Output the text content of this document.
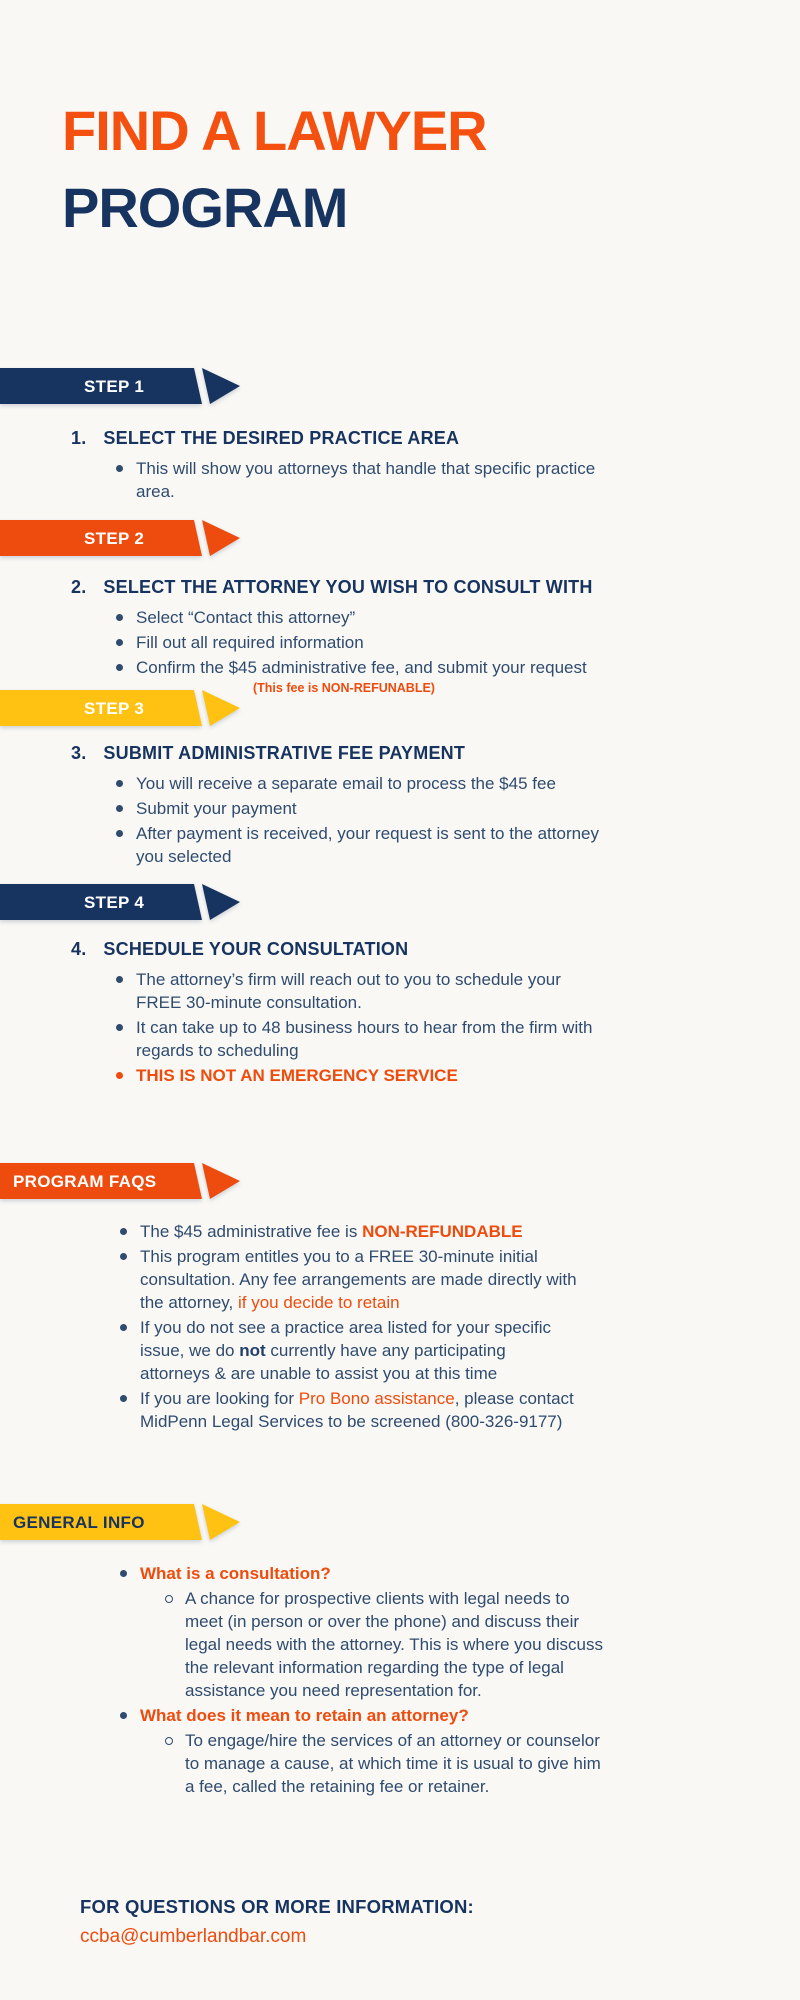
FIND A LAWYER
PROGRAM
STEP 1
1. SELECT THE DESIRED PRACTICE AREA
This will show you attorneys that handle that specific practice area.
STEP 2
2. SELECT THE ATTORNEY YOU WISH TO CONSULT WITH
Select “Contact this attorney”
Fill out all required information
Confirm the $45 administrative fee, and submit your request
(This fee is NON-REFUNABLE)
STEP 3
3. SUBMIT ADMINISTRATIVE FEE PAYMENT
You will receive a separate email to process the $45 fee
Submit your payment
After payment is received, your request is sent to the attorney you selected
STEP 4
4. SCHEDULE YOUR CONSULTATION
The attorney’s firm will reach out to you to schedule your FREE 30-minute consultation.
It can take up to 48 business hours to hear from the firm with regards to scheduling
THIS IS NOT AN EMERGENCY SERVICE
PROGRAM FAQS
The $45 administrative fee is NON-REFUNDABLE
This program entitles you to a FREE 30-minute initial consultation. Any fee arrangements are made directly with the attorney, if you decide to retain
If you do not see a practice area listed for your specific issue, we do not currently have any participating attorneys & are unable to assist you at this time
If you are looking for Pro Bono assistance, please contact MidPenn Legal Services to be screened (800-326-9177)
GENERAL INFO
What is a consultation?
A chance for prospective clients with legal needs to meet (in person or over the phone) and discuss their legal needs with the attorney. This is where you discuss the relevant information regarding the type of legal assistance you need representation for.
What does it mean to retain an attorney?
To engage/hire the services of an attorney or counselor to manage a cause, at which time it is usual to give him a fee, called the retaining fee or retainer.
FOR QUESTIONS OR MORE INFORMATION:
ccba@cumberlandbar.com
